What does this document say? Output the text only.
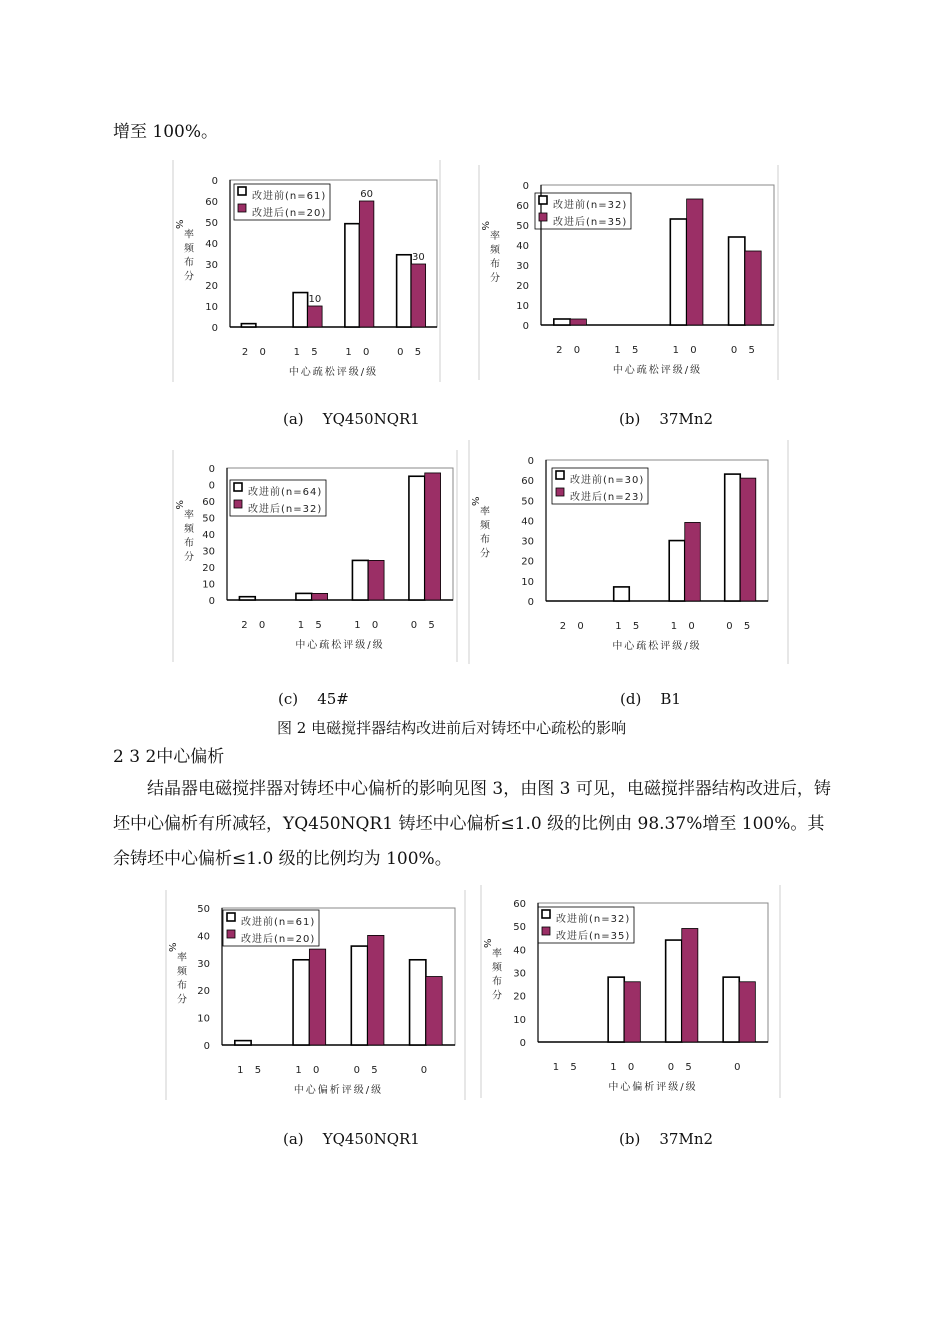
增至 100%。
0
10
20
30
40
50
60
0
%
率
频
布
分
2 0 1 5 1 0 0 5
10
60
30
中心疏松评级/级
改进前(n=61)
改进后(n=20)
0
10
20
30
40
50
60
0
%
率
频
布
分
2 0	1 5	1 0	0 5
中心疏松评级/级
改进前(n=32)
改进后(n=35)
0
10
20
30
40
50
60
0
0
%
率
频
布
分
2 0	1 5	1 0	0 5
中心疏松评级/级
改进前(n=64)
改进后(n=32)
0
10
20
30
40
50
60
0
%
率
频
布
分
2 0	1 5	1 0	0 5
中心疏松评级/级
改进前(n=30)
改进后(n=23)
0
10
20
30
40
50
%
率
频
布
分
1 5	1 0	0 5	0
中心偏析评级/级
改进前(n=61)
改进后(n=20)
0
10
20
30
40
50
60
%
率
频
布
分
1 5	1 0	0 5	0
中心偏析评级/级
改进前(n=32)
改进后(n=35)
(a) YQ450NQR1	(b) 37Mn2
(c) 45#	(d) B1
图 2 电磁搅拌器结构改进前后对铸坯中心疏松的影响
2 3 2中心偏析
结晶器电磁搅拌器对铸坯中心偏析的影响见图 3，由图 3 可见，电磁搅拌器结构改进后，铸坯中心偏析有所减轻，YQ450NQR1 铸坯中心偏析≤1.0 级的比例由 98.37%增至 100%。其余铸坯中心偏析≤1.0 级的比例均为 100%。
(a) YQ450NQR1	(b) 37Mn2
